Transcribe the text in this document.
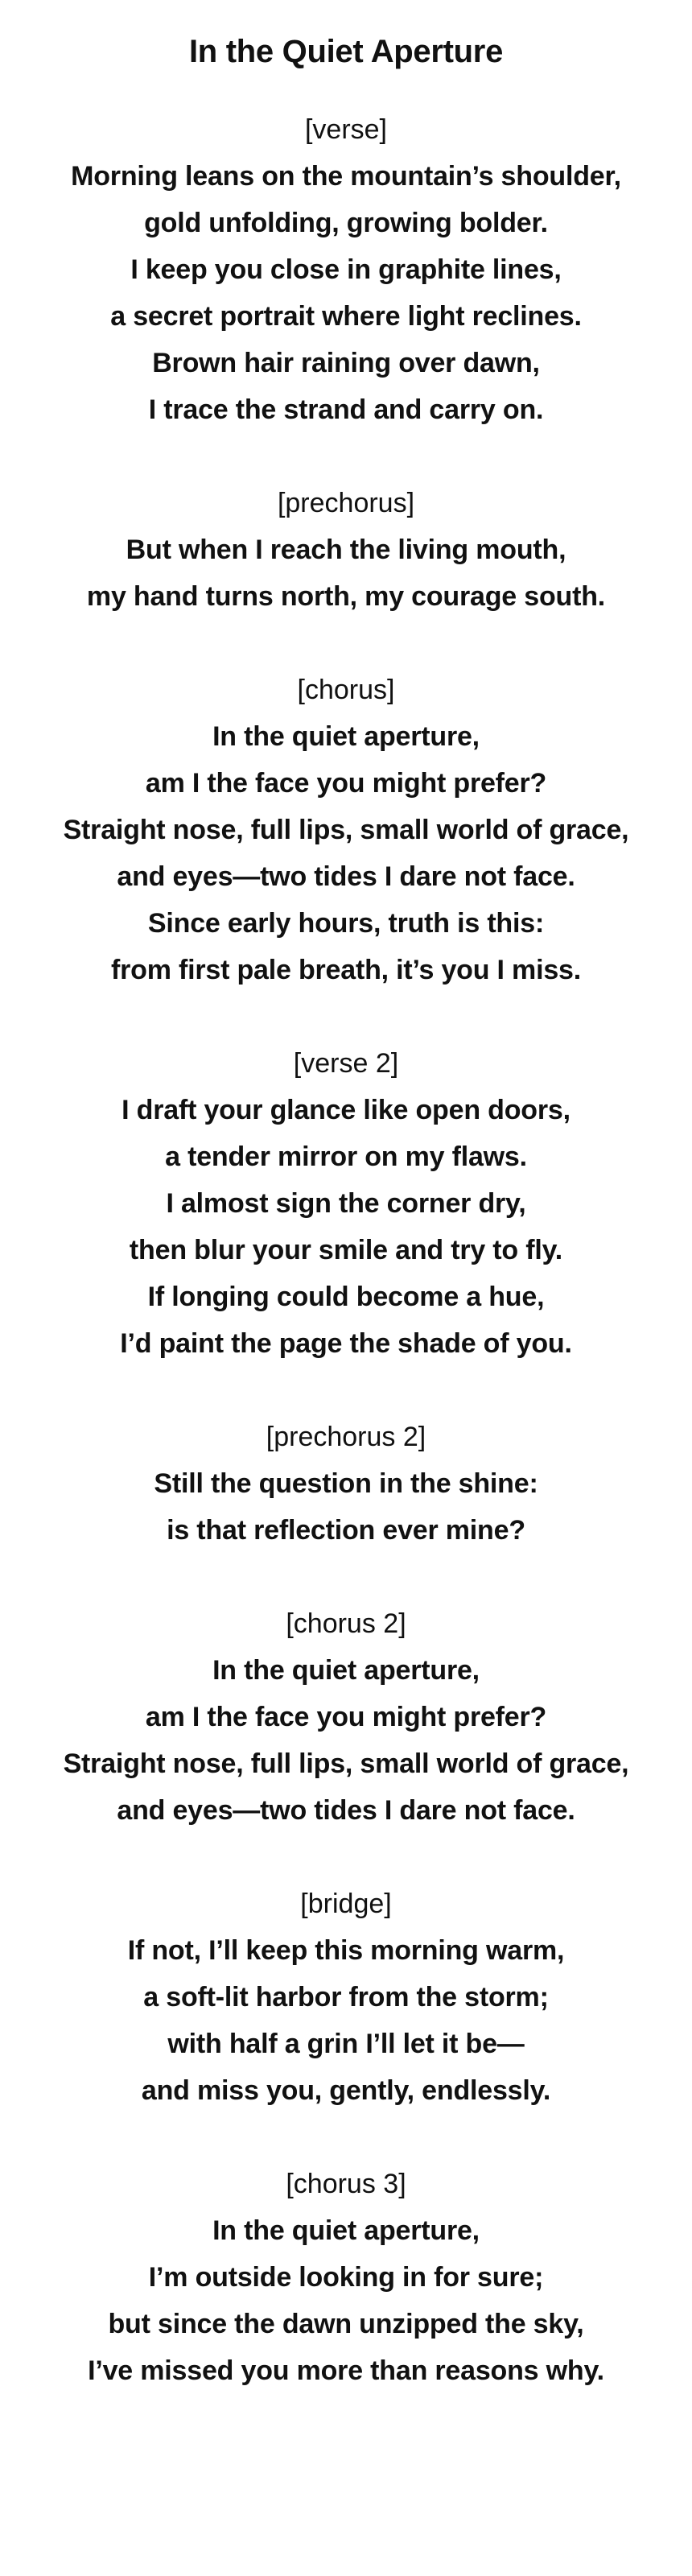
In the Quiet Aperture

[verse]

Morning leans on the mountain’s shoulder,

gold unfolding, growing bolder.

I keep you close in graphite lines,

a secret portrait where light reclines.

Brown hair raining over dawn,

I trace the strand and carry on.

[prechorus]

But when I reach the living mouth,

my hand turns north, my courage south.

[chorus]

In the quiet aperture,

am I the face you might prefer?

Straight nose, full lips, small world of grace,

and eyes—two tides I dare not face.

Since early hours, truth is this:

from first pale breath, it’s you I miss.

[verse 2]

I draft your glance like open doors,

a tender mirror on my flaws.

I almost sign the corner dry,

then blur your smile and try to fly.

If longing could become a hue,

I’d paint the page the shade of you.

[prechorus 2]

Still the question in the shine:

is that reflection ever mine?

[chorus 2]

In the quiet aperture,

am I the face you might prefer?

Straight nose, full lips, small world of grace,

and eyes—two tides I dare not face.

[bridge]

If not, I’ll keep this morning warm,

a soft-lit harbor from the storm;

with half a grin I’ll let it be—

and miss you, gently, endlessly.

[chorus 3]

In the quiet aperture,

I’m outside looking in for sure;

but since the dawn unzipped the sky,

I’ve missed you more than reasons why.
